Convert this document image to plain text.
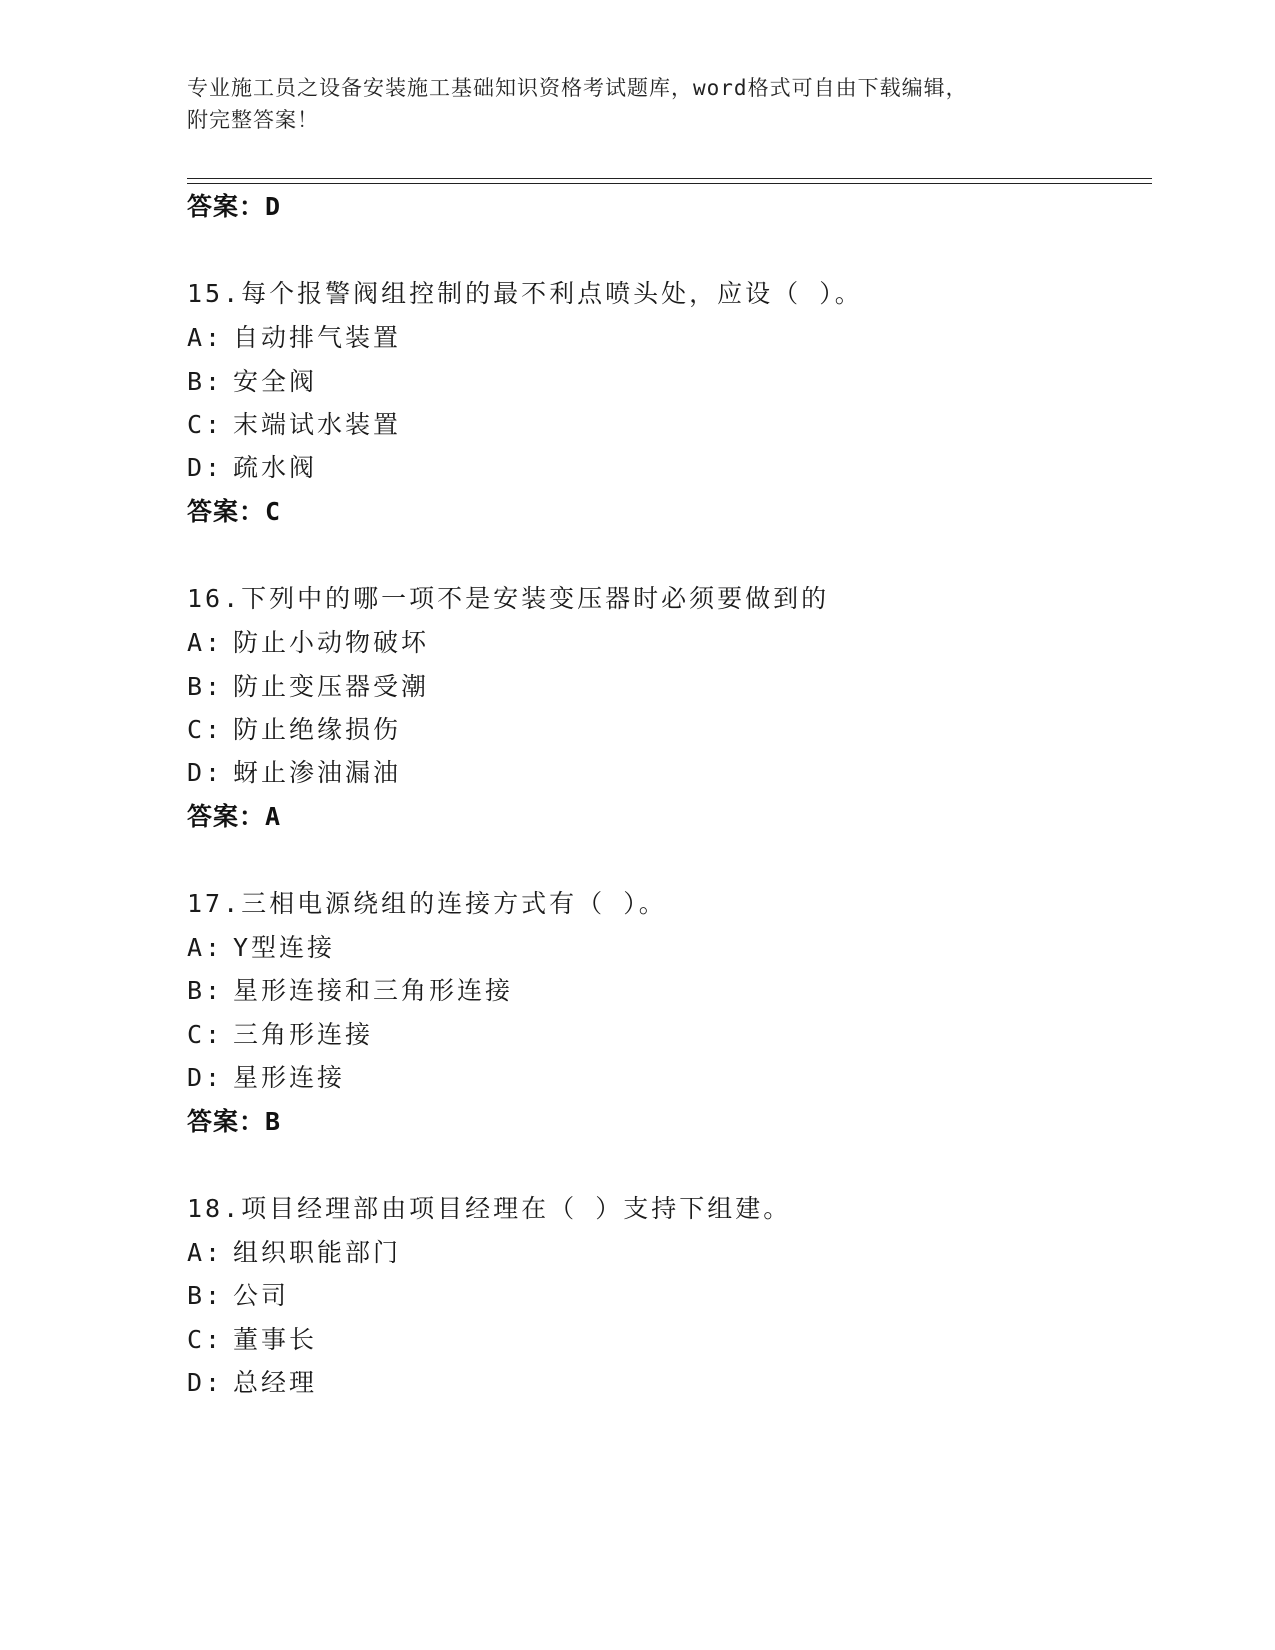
专业施工员之设备安装施工基础知识资格考试题库，word格式可自由下载编辑，
附完整答案！
答案：D
15.每个报警阀组控制的最不利点喷头处，应设（ ）。
A: 自动排气装置
B: 安全阀
C: 末端试水装置
D: 疏水阀
答案：C
16.下列中的哪一项不是安装变压器时必须要做到的
A: 防止小动物破坏
B: 防止变压器受潮
C: 防止绝缘损伤
D: 蚜止渗油漏油
答案：A
17.三相电源绕组的连接方式有（ ）。
A: Y型连接
B: 星形连接和三角形连接
C: 三角形连接
D: 星形连接
答案：B
18.项目经理部由项目经理在（ ）支持下组建。
A: 组织职能部门
B: 公司
C: 董事长
D: 总经理
